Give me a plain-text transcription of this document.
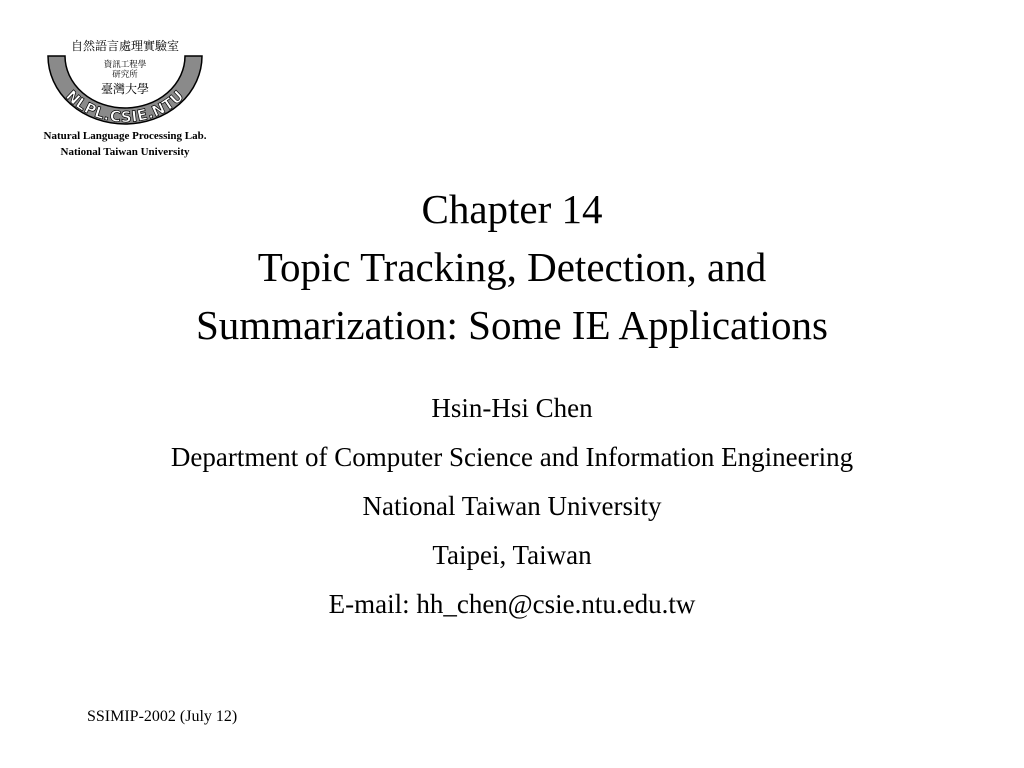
NLPL.CSIE.NTU
自然語言處理實驗室
資訊工程學
研究所
臺灣大學
Natural Language Processing Lab.
National Taiwan University
Chapter 14
Topic Tracking, Detection, and
Summarization: Some IE Applications
Hsin-Hsi Chen
Department of Computer Science and Information Engineering
National Taiwan University
Taipei, Taiwan
E-mail: hh_chen@csie.ntu.edu.tw
SSIMIP-2002 (July 12)
